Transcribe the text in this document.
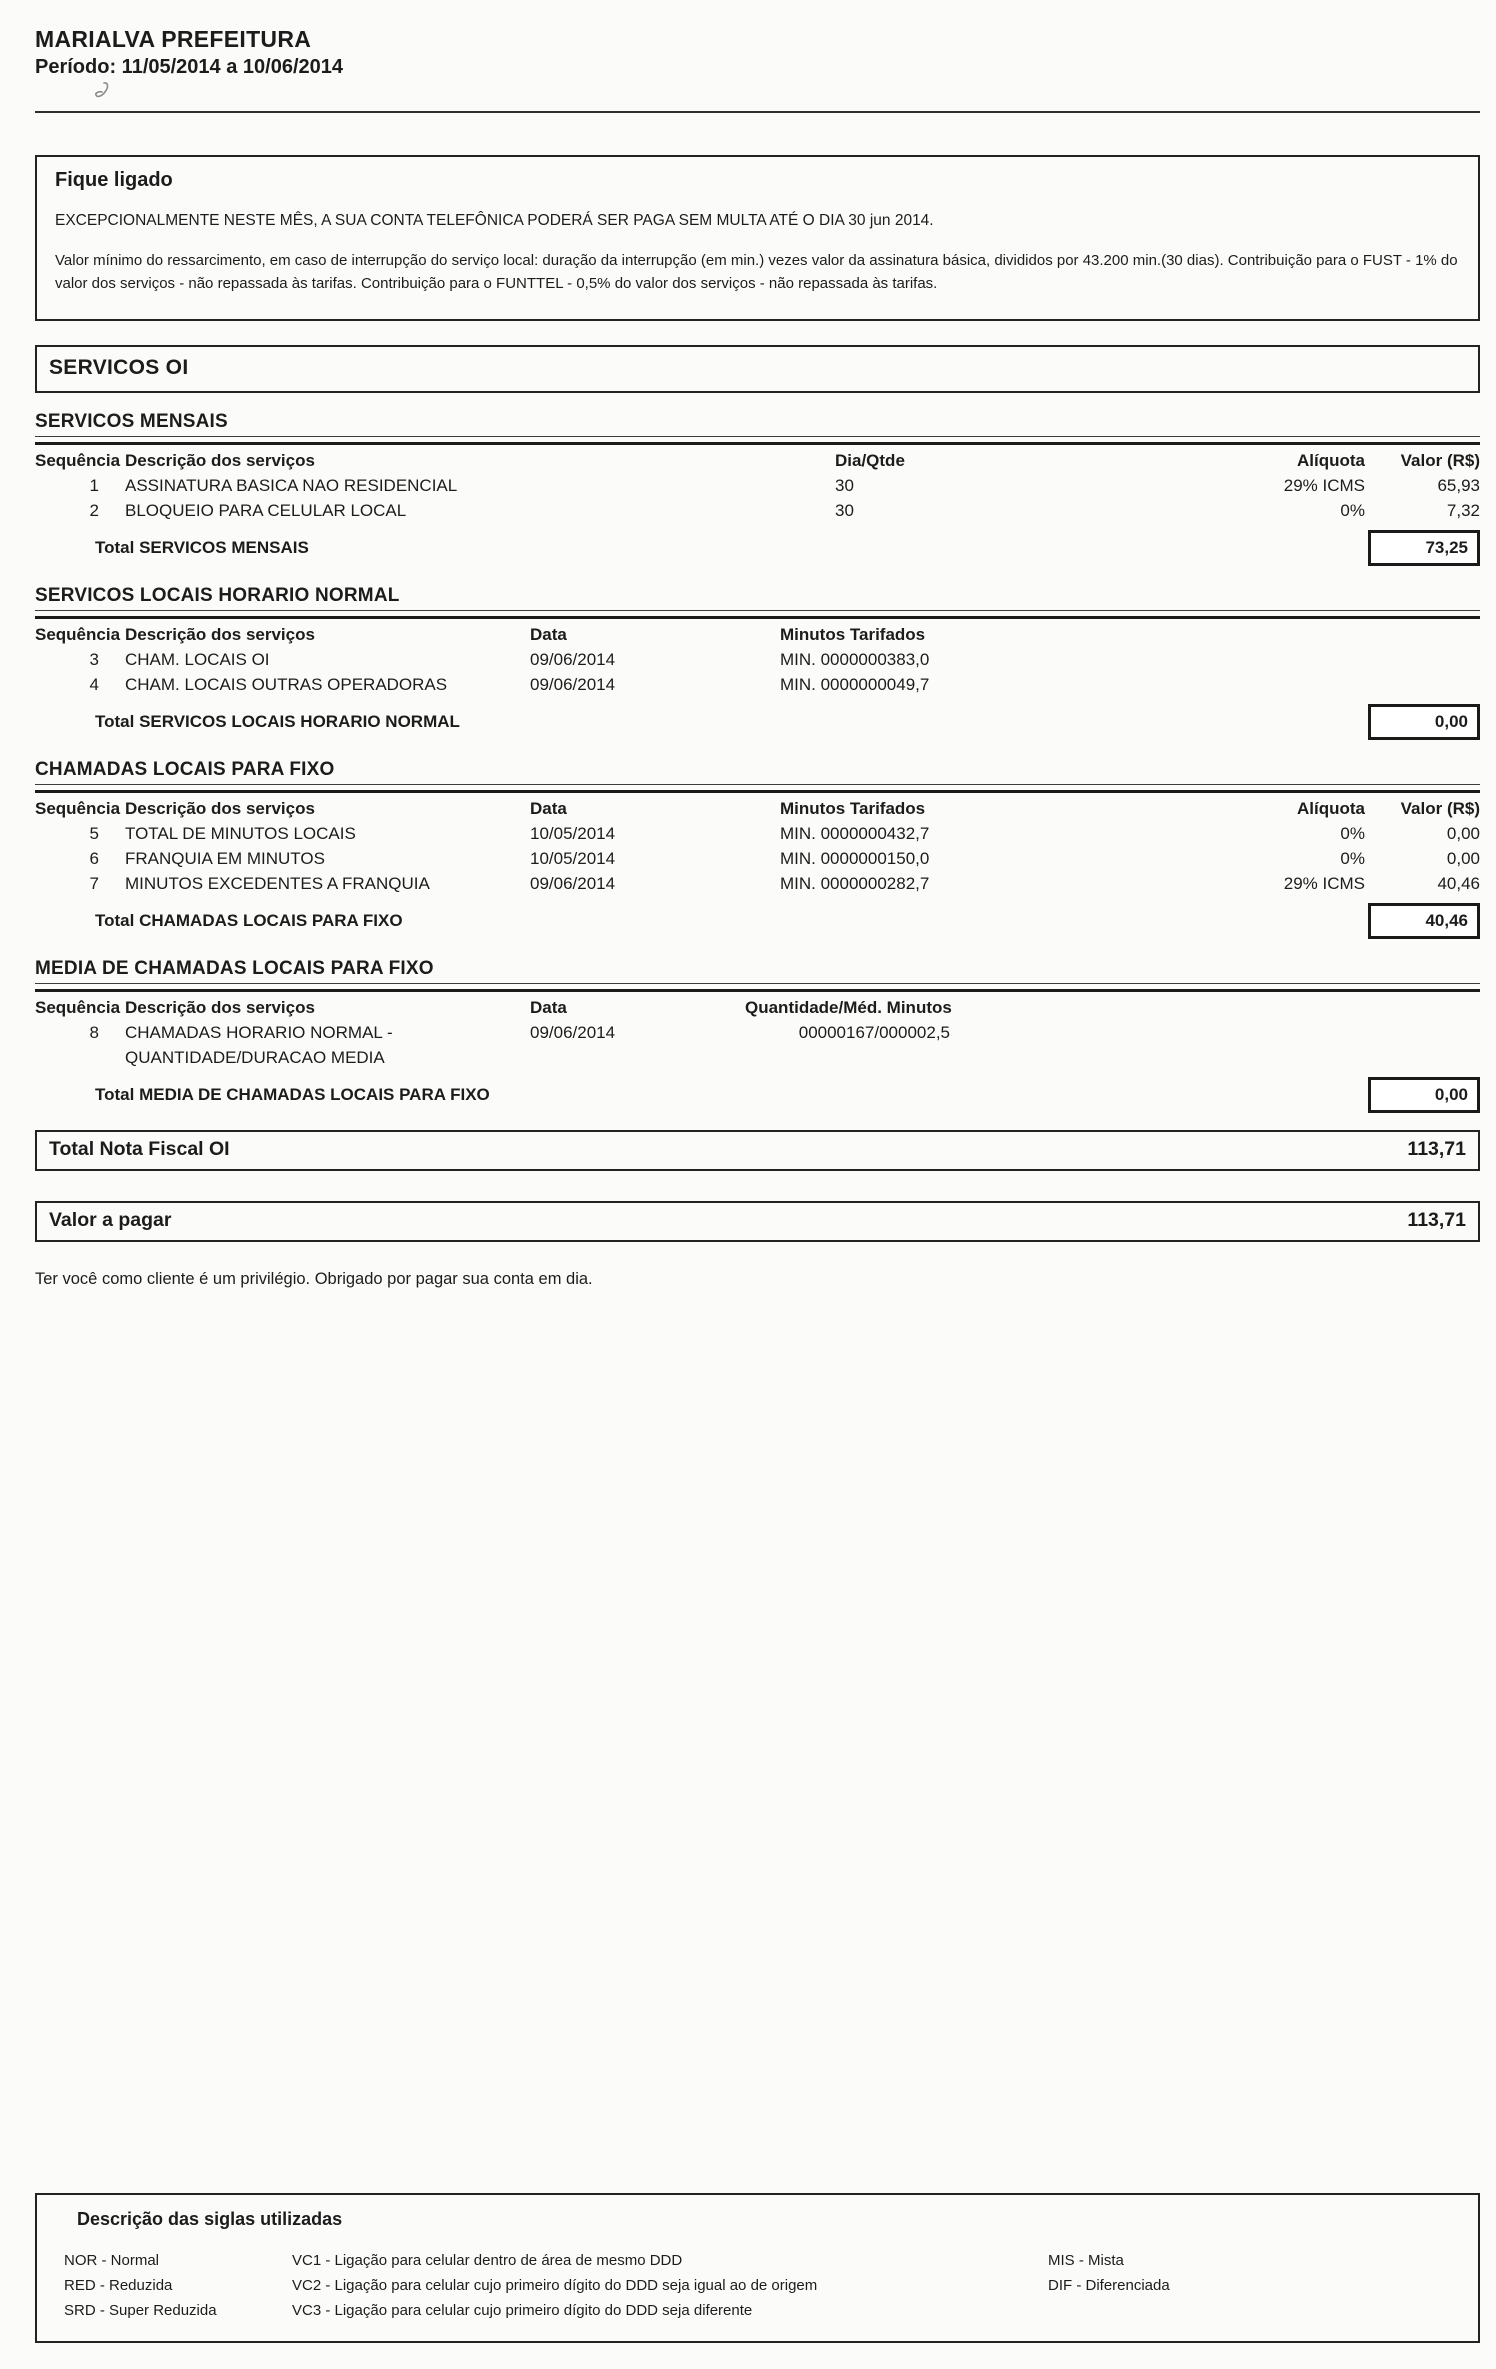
MARIALVA PREFEITURA
Período: 11/05/2014 a 10/06/2014
Fique ligado
EXCEPCIONALMENTE NESTE MÊS, A SUA CONTA TELEFÔNICA PODERÁ SER PAGA SEM MULTA ATÉ O DIA 30 jun 2014.
Valor mínimo do ressarcimento, em caso de interrupção do serviço local: duração da interrupção (em min.) vezes valor da assinatura básica, divididos por 43.200 min.(30 dias). Contribuição para o FUST - 1% do valor dos serviços - não repassada às tarifas. Contribuição para o FUNTTEL - 0,5% do valor dos serviços - não repassada às tarifas.
SERVICOS OI
SERVICOS MENSAIS
Sequência Descrição dos serviços	Dia/Qtde	Alíquota	Valor (R$)
1	ASSINATURA BASICA NAO RESIDENCIAL	30	29% ICMS	65,93
2	BLOQUEIO PARA CELULAR LOCAL	30	0%	7,32
Total SERVICOS MENSAIS	73,25
SERVICOS LOCAIS HORARIO NORMAL
Sequência Descrição dos serviços	Data	Minutos Tarifados
3	CHAM. LOCAIS OI	09/06/2014	MIN. 0000000383,0
4	CHAM. LOCAIS OUTRAS OPERADORAS	09/06/2014	MIN. 0000000049,7
Total SERVICOS LOCAIS HORARIO NORMAL	0,00
CHAMADAS LOCAIS PARA FIXO
Sequência Descrição dos serviços	Data	Minutos Tarifados	Alíquota	Valor (R$)
5	TOTAL DE MINUTOS LOCAIS	10/05/2014	MIN. 0000000432,7	0%	0,00
6	FRANQUIA EM MINUTOS	10/05/2014	MIN. 0000000150,0	0%	0,00
7	MINUTOS EXCEDENTES A FRANQUIA	09/06/2014	MIN. 0000000282,7	29% ICMS	40,46
Total CHAMADAS LOCAIS PARA FIXO	40,46
MEDIA DE CHAMADAS LOCAIS PARA FIXO
Sequência Descrição dos serviços	Data	Quantidade/Méd. Minutos
8	CHAMADAS HORARIO NORMAL -	09/06/2014	00000167/000002,5
QUANTIDADE/DURACAO MEDIA
Total MEDIA DE CHAMADAS LOCAIS PARA FIXO	0,00
Total Nota Fiscal OI	113,71
Valor a pagar	113,71
Ter você como cliente é um privilégio. Obrigado por pagar sua conta em dia.
Descrição das siglas utilizadas
NOR - Normal
RED - Reduzida
SRD - Super Reduzida
VC1 - Ligação para celular dentro de área de mesmo DDD
VC2 - Ligação para celular cujo primeiro dígito do DDD seja igual ao de origem
VC3 - Ligação para celular cujo primeiro dígito do DDD seja diferente
MIS - Mista
DIF - Diferenciada
